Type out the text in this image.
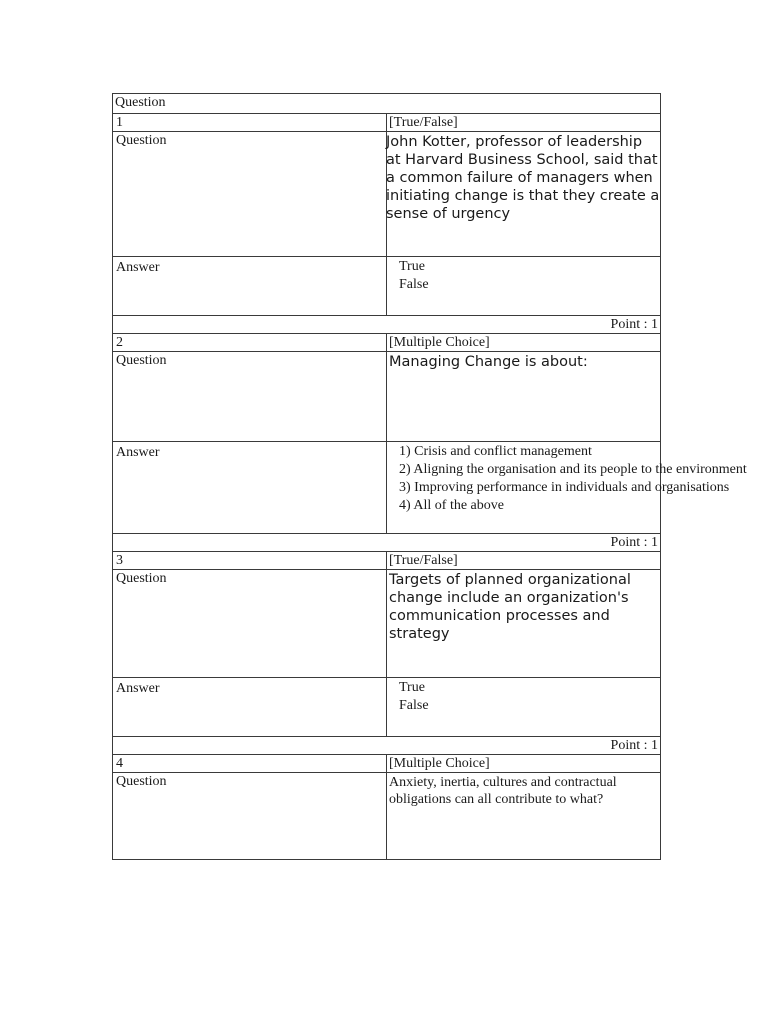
Question	
1	[True/False]
Question	John Kotter, professor of leadership at Harvard Business School, said that a common failure of managers when initiating change is that they create a sense of urgency

Answer	True
False

Point : 1	
2	[Multiple Choice]
Question	Managing Change is about:

Answer	1) Crisis and conflict management
2) Aligning the organisation and its people to the environment
3) Improving performance in individuals and organisations
4) All of the above

Point : 1	
3	[True/False]
Question	Targets of planned organizational change include an organization's communication processes and strategy

Answer	True
False

Point : 1	
4	[Multiple Choice]
Question	Anxiety, inertia, cultures and contractual obligations can all contribute to what?
